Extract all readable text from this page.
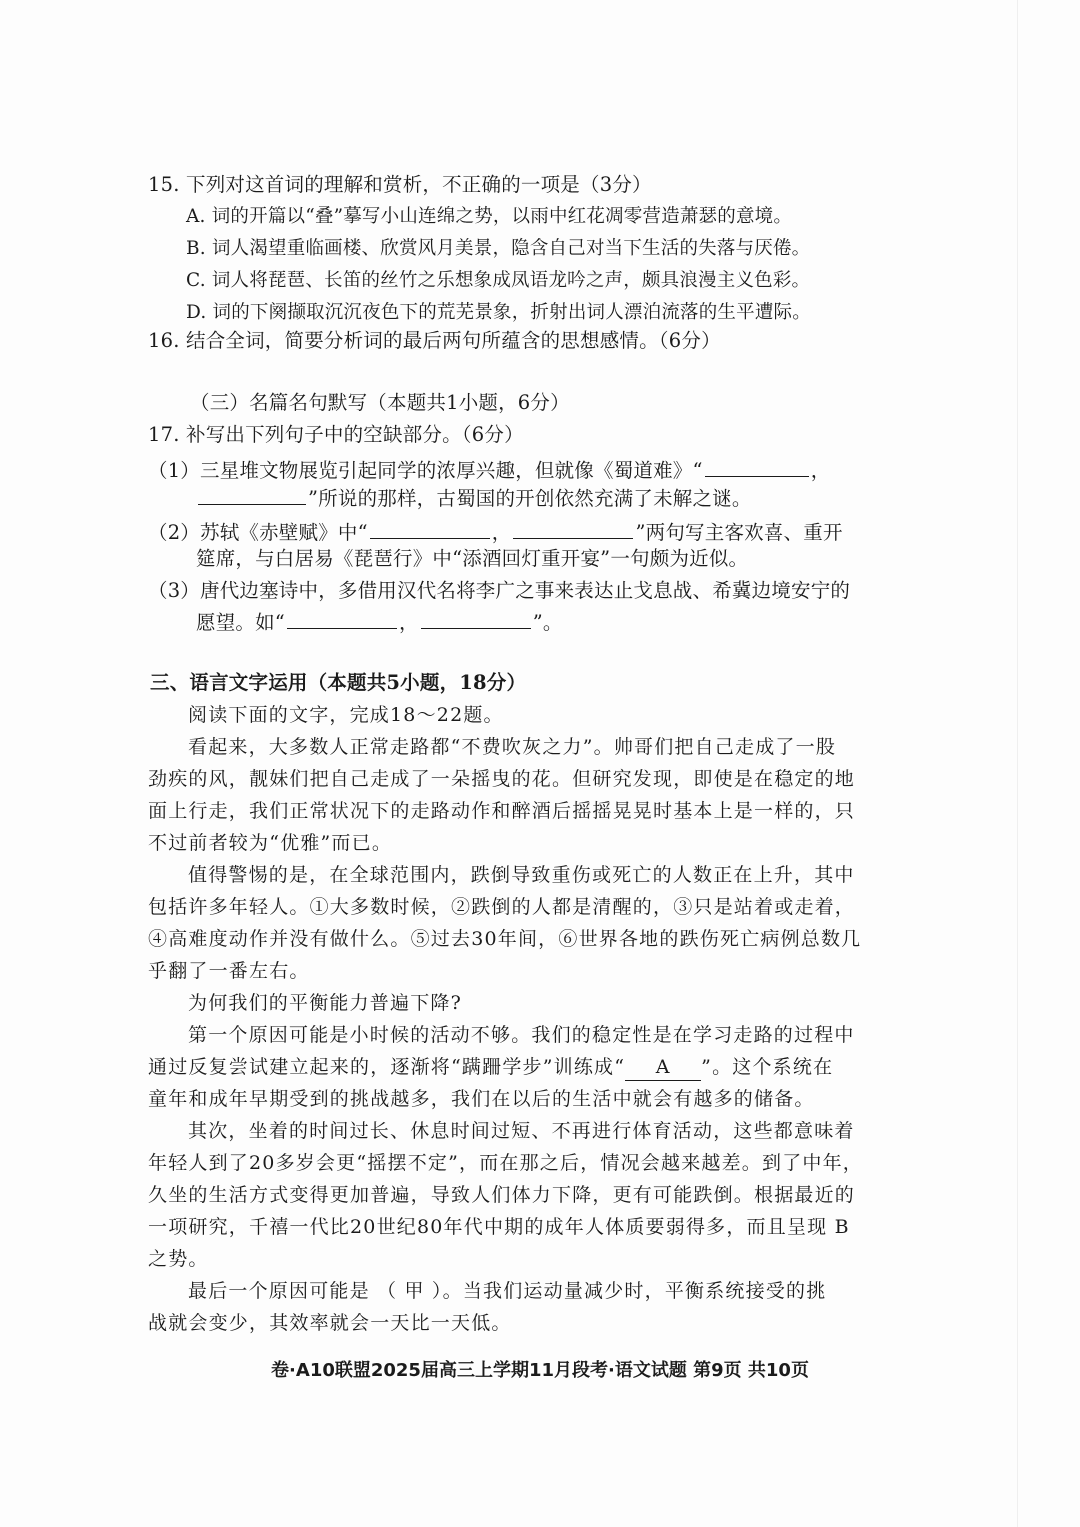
15. 下列对这首词的理解和赏析，不正确的一项是（3分）
A. 词的开篇以“叠”摹写小山连绵之势，以雨中红花凋零营造萧瑟的意境。
B. 词人渴望重临画楼、欣赏风月美景，隐含自己对当下生活的失落与厌倦。
C. 词人将琵琶、长笛的丝竹之乐想象成凤语龙吟之声，颇具浪漫主义色彩。
D. 词的下阕撷取沉沉夜色下的荒芜景象，折射出词人漂泊流落的生平遭际。
16. 结合全词，简要分析词的最后两句所蕴含的思想感情。（6分）
（三）名篇名句默写（本题共1小题，6分）
17. 补写出下列句子中的空缺部分。（6分）
（1）三星堆文物展览引起同学的浓厚兴趣，但就像《蜀道难》“	，
”所说的那样，古蜀国的开创依然充满了未解之谜。
（2）苏轼《赤壁赋》中“	，	”两句写主客欢喜、重开
筵席，与白居易《琵琶行》中“添酒回灯重开宴”一句颇为近似。
（3）唐代边塞诗中，多借用汉代名将李广之事来表达止戈息战、希冀边境安宁的
愿望。如“	，	”。
三、语言文字运用（本题共5小题，18分）
阅读下面的文字，完成18～22题。
看起来，大多数人正常走路都“不费吹灰之力”。帅哥们把自己走成了一股
劲疾的风，靓妹们把自己走成了一朵摇曳的花。但研究发现，即使是在稳定的地
面上行走，我们正常状况下的走路动作和醉酒后摇摇晃晃时基本上是一样的，只
不过前者较为“优雅”而已。
值得警惕的是，在全球范围内，跌倒导致重伤或死亡的人数正在上升，其中
包括许多年轻人。①大多数时候，②跌倒的人都是清醒的，③只是站着或走着，
④高难度动作并没有做什么。⑤过去30年间，⑥世界各地的跌伤死亡病例总数几
乎翻了一番左右。
为何我们的平衡能力普遍下降?
第一个原因可能是小时候的活动不够。我们的稳定性是在学习走路的过程中
通过反复尝试建立起来的，逐渐将“蹒跚学步”训练成“ A ”。这个系统在
童年和成年早期受到的挑战越多，我们在以后的生活中就会有越多的储备。
其次，坐着的时间过长、休息时间过短、不再进行体育活动，这些都意味着
年轻人到了20多岁会更“摇摆不定”，而在那之后，情况会越来越差。到了中年，
久坐的生活方式变得更加普遍，导致人们体力下降，更有可能跌倒。根据最近的
一项研究，千禧一代比20世纪80年代中期的成年人体质要弱得多，而且呈现 B
之势。
最后一个原因可能是 （ 甲 ）。当我们运动量减少时，平衡系统接受的挑
战就会变少，其效率就会一天比一天低。
卷·A10联盟2025届高三上学期11月段考·语文试题 第9页 共10页
